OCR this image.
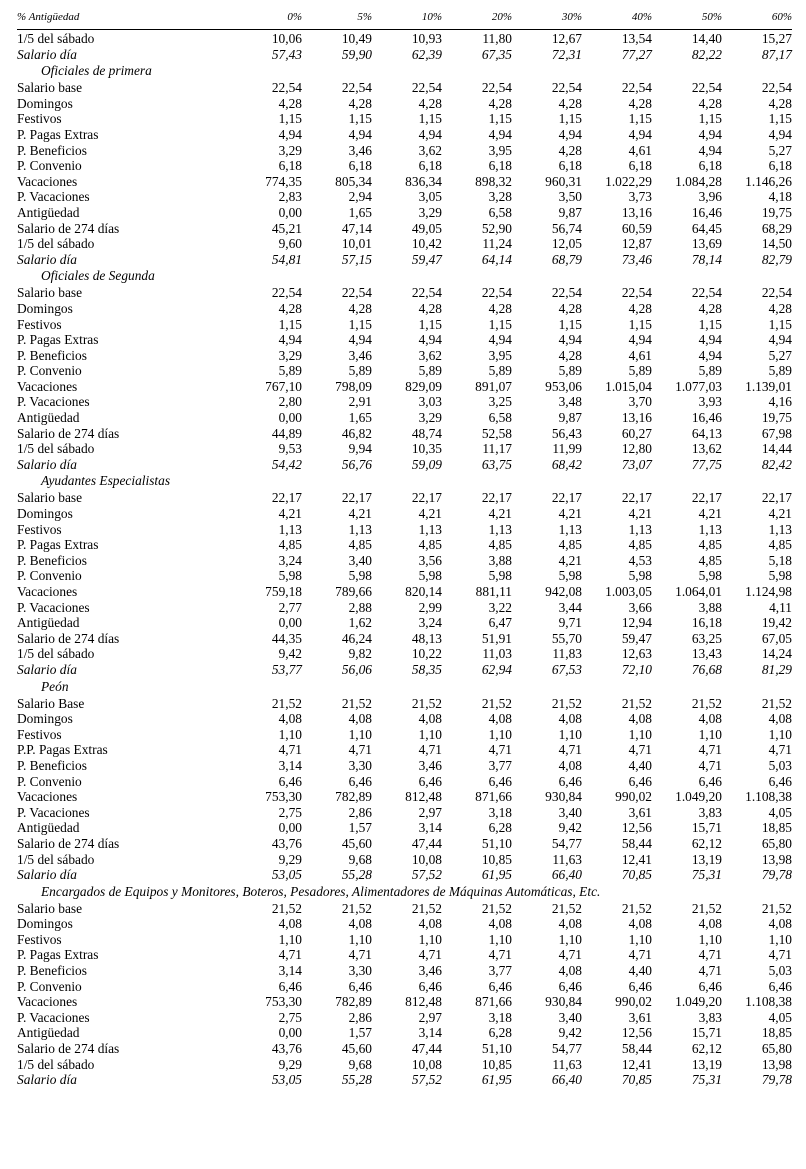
% Antigüedad	0%	5%	10%	20%	30%	40%	50%	60%

1/5 del sábado	10,06	10,49	10,93	11,80	12,67	13,54	14,40	15,27
Salario día	57,43	59,90	62,39	67,35	72,31	77,27	82,22	87,17
Oficiales de primera								
Salario base	22,54	22,54	22,54	22,54	22,54	22,54	22,54	22,54
Domingos	4,28	4,28	4,28	4,28	4,28	4,28	4,28	4,28
Festivos	1,15	1,15	1,15	1,15	1,15	1,15	1,15	1,15
P. Pagas Extras	4,94	4,94	4,94	4,94	4,94	4,94	4,94	4,94
P. Beneficios	3,29	3,46	3,62	3,95	4,28	4,61	4,94	5,27
P. Convenio	6,18	6,18	6,18	6,18	6,18	6,18	6,18	6,18
Vacaciones	774,35	805,34	836,34	898,32	960,31	1.022,29	1.084,28	1.146,26
P. Vacaciones	2,83	2,94	3,05	3,28	3,50	3,73	3,96	4,18
Antigüedad	0,00	1,65	3,29	6,58	9,87	13,16	16,46	19,75
Salario de 274 días	45,21	47,14	49,05	52,90	56,74	60,59	64,45	68,29
1/5 del sábado	9,60	10,01	10,42	11,24	12,05	12,87	13,69	14,50
Salario día	54,81	57,15	59,47	64,14	68,79	73,46	78,14	82,79
Oficiales de Segunda								
Salario base	22,54	22,54	22,54	22,54	22,54	22,54	22,54	22,54
Domingos	4,28	4,28	4,28	4,28	4,28	4,28	4,28	4,28
Festivos	1,15	1,15	1,15	1,15	1,15	1,15	1,15	1,15
P. Pagas Extras	4,94	4,94	4,94	4,94	4,94	4,94	4,94	4,94
P. Beneficios	3,29	3,46	3,62	3,95	4,28	4,61	4,94	5,27
P. Convenio	5,89	5,89	5,89	5,89	5,89	5,89	5,89	5,89
Vacaciones	767,10	798,09	829,09	891,07	953,06	1.015,04	1.077,03	1.139,01
P. Vacaciones	2,80	2,91	3,03	3,25	3,48	3,70	3,93	4,16
Antigüedad	0,00	1,65	3,29	6,58	9,87	13,16	16,46	19,75
Salario de 274 días	44,89	46,82	48,74	52,58	56,43	60,27	64,13	67,98
1/5 del sábado	9,53	9,94	10,35	11,17	11,99	12,80	13,62	14,44
Salario día	54,42	56,76	59,09	63,75	68,42	73,07	77,75	82,42
Ayudantes Especialistas								
Salario base	22,17	22,17	22,17	22,17	22,17	22,17	22,17	22,17
Domingos	4,21	4,21	4,21	4,21	4,21	4,21	4,21	4,21
Festivos	1,13	1,13	1,13	1,13	1,13	1,13	1,13	1,13
P. Pagas Extras	4,85	4,85	4,85	4,85	4,85	4,85	4,85	4,85
P. Beneficios	3,24	3,40	3,56	3,88	4,21	4,53	4,85	5,18
P. Convenio	5,98	5,98	5,98	5,98	5,98	5,98	5,98	5,98
Vacaciones	759,18	789,66	820,14	881,11	942,08	1.003,05	1.064,01	1.124,98
P. Vacaciones	2,77	2,88	2,99	3,22	3,44	3,66	3,88	4,11
Antigüedad	0,00	1,62	3,24	6,47	9,71	12,94	16,18	19,42
Salario de 274 días	44,35	46,24	48,13	51,91	55,70	59,47	63,25	67,05
1/5 del sábado	9,42	9,82	10,22	11,03	11,83	12,63	13,43	14,24
Salario día	53,77	56,06	58,35	62,94	67,53	72,10	76,68	81,29
Peón								
Salario Base	21,52	21,52	21,52	21,52	21,52	21,52	21,52	21,52
Domingos	4,08	4,08	4,08	4,08	4,08	4,08	4,08	4,08
Festivos	1,10	1,10	1,10	1,10	1,10	1,10	1,10	1,10
P.P. Pagas Extras	4,71	4,71	4,71	4,71	4,71	4,71	4,71	4,71
P. Beneficios	3,14	3,30	3,46	3,77	4,08	4,40	4,71	5,03
P. Convenio	6,46	6,46	6,46	6,46	6,46	6,46	6,46	6,46
Vacaciones	753,30	782,89	812,48	871,66	930,84	990,02	1.049,20	1.108,38
P. Vacaciones	2,75	2,86	2,97	3,18	3,40	3,61	3,83	4,05
Antigüedad	0,00	1,57	3,14	6,28	9,42	12,56	15,71	18,85
Salario de 274 días	43,76	45,60	47,44	51,10	54,77	58,44	62,12	65,80
1/5 del sábado	9,29	9,68	10,08	10,85	11,63	12,41	13,19	13,98
Salario día	53,05	55,28	57,52	61,95	66,40	70,85	75,31	79,78
Encargados de Equipos y Monitores, Boteros, Pesadores, Alimentadores de Máquinas Automáticas, Etc.								
Salario base	21,52	21,52	21,52	21,52	21,52	21,52	21,52	21,52
Domingos	4,08	4,08	4,08	4,08	4,08	4,08	4,08	4,08
Festivos	1,10	1,10	1,10	1,10	1,10	1,10	1,10	1,10
P. Pagas Extras	4,71	4,71	4,71	4,71	4,71	4,71	4,71	4,71
P. Beneficios	3,14	3,30	3,46	3,77	4,08	4,40	4,71	5,03
P. Convenio	6,46	6,46	6,46	6,46	6,46	6,46	6,46	6,46
Vacaciones	753,30	782,89	812,48	871,66	930,84	990,02	1.049,20	1.108,38
P. Vacaciones	2,75	2,86	2,97	3,18	3,40	3,61	3,83	4,05
Antigüedad	0,00	1,57	3,14	6,28	9,42	12,56	15,71	18,85
Salario de 274 días	43,76	45,60	47,44	51,10	54,77	58,44	62,12	65,80
1/5 del sábado	9,29	9,68	10,08	10,85	11,63	12,41	13,19	13,98
Salario día	53,05	55,28	57,52	61,95	66,40	70,85	75,31	79,78
